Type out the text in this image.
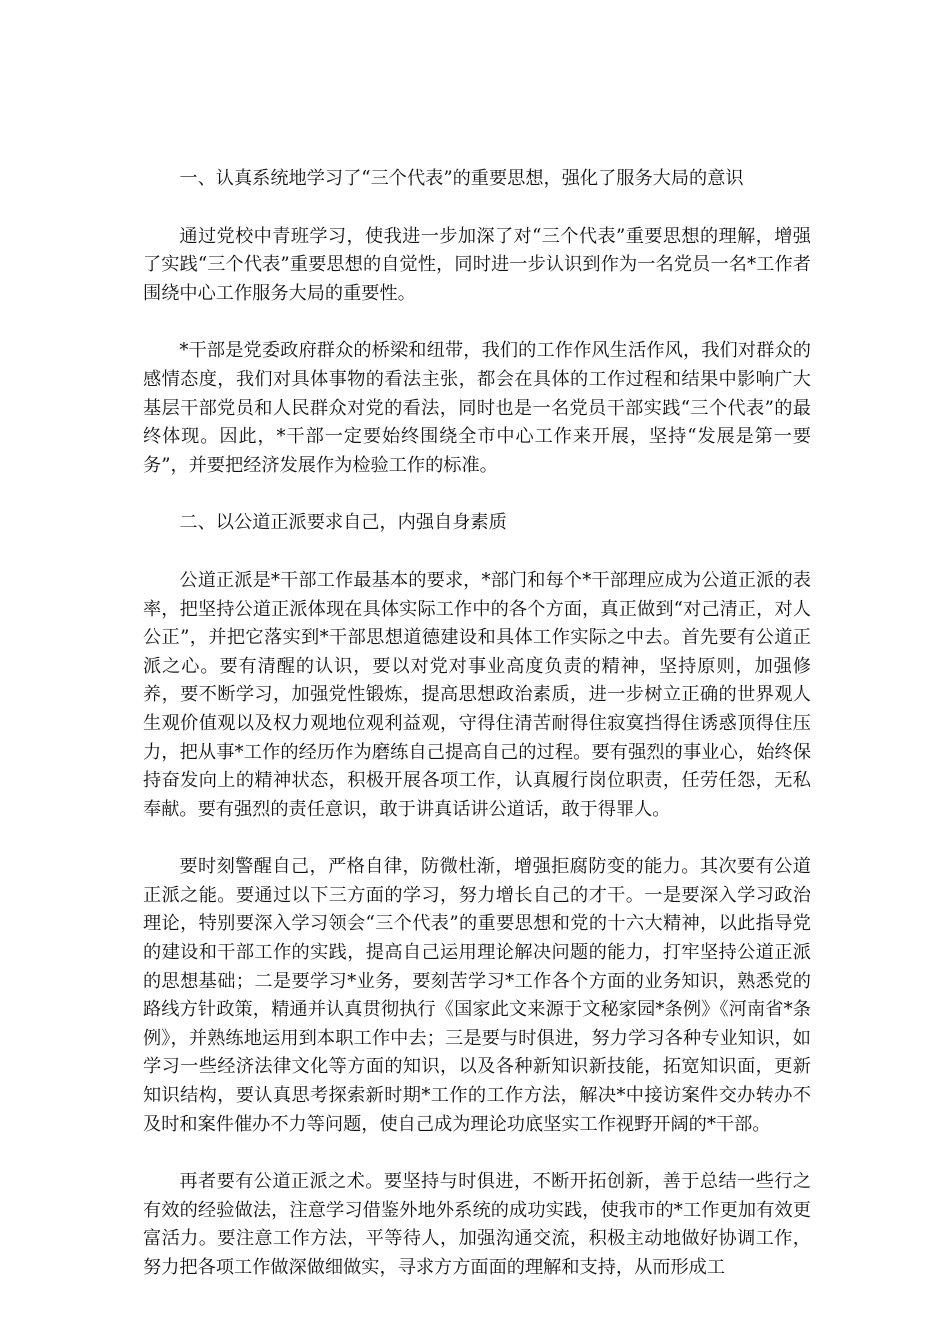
一、认真系统地学习了“三个代表”的重要思想，强化了服务大局的意识

通过党校中青班学习，使我进一步加深了对“三个代表”重要思想的理解，增强了实践“三个代表”重要思想的自觉性，同时进一步认识到作为一名党员一名*工作者围绕中心工作服务大局的重要性。

*干部是党委政府群众的桥梁和纽带，我们的工作作风生活作风，我们对群众的感情态度，我们对具体事物的看法主张，都会在具体的工作过程和结果中影响广大基层干部党员和人民群众对党的看法，同时也是一名党员干部实践“三个代表”的最终体现。因此，*干部一定要始终围绕全市中心工作来开展，坚持“发展是第一要务”，并要把经济发展作为检验工作的标准。

二、以公道正派要求自己，内强自身素质

公道正派是*干部工作最基本的要求，*部门和每个*干部理应成为公道正派的表率，把坚持公道正派体现在具体实际工作中的各个方面，真正做到“对己清正，对人公正”，并把它落实到*干部思想道德建设和具体工作实际之中去。首先要有公道正派之心。要有清醒的认识，要以对党对事业高度负责的精神，坚持原则，加强修养，要不断学习，加强党性锻炼，提高思想政治素质，进一步树立正确的世界观人生观价值观以及权力观地位观利益观，守得住清苦耐得住寂寞挡得住诱惑顶得住压力，把从事*工作的经历作为磨练自己提高自己的过程。要有强烈的事业心，始终保持奋发向上的精神状态，积极开展各项工作，认真履行岗位职责，任劳任怨，无私奉献。要有强烈的责任意识，敢于讲真话讲公道话，敢于得罪人。

要时刻警醒自己，严格自律，防微杜渐，增强拒腐防变的能力。其次要有公道正派之能。要通过以下三方面的学习，努力增长自己的才干。一是要深入学习政治理论，特别要深入学习领会“三个代表”的重要思想和党的十六大精神，以此指导党的建设和干部工作的实践，提高自己运用理论解决问题的能力，打牢坚持公道正派的思想基础；二是要学习*业务，要刻苦学习*工作各个方面的业务知识，熟悉党的路线方针政策，精通并认真贯彻执行《国家此文来源于文秘家园*条例》《河南省*条例》，并熟练地运用到本职工作中去；三是要与时俱进，努力学习各种专业知识，如学习一些经济法律文化等方面的知识，以及各种新知识新技能，拓宽知识面，更新知识结构，要认真思考探索新时期*工作的工作方法，解决*中接访案件交办转办不及时和案件催办不力等问题，使自己成为理论功底坚实工作视野开阔的*干部。

再者要有公道正派之术。要坚持与时俱进，不断开拓创新，善于总结一些行之有效的经验做法，注意学习借鉴外地外系统的成功实践，使我市的*工作更加有效更富活力。要注意工作方法，平等待人，加强沟通交流，积极主动地做好协调工作，努力把各项工作做深做细做实，寻求方方面面的理解和支持，从而形成工
